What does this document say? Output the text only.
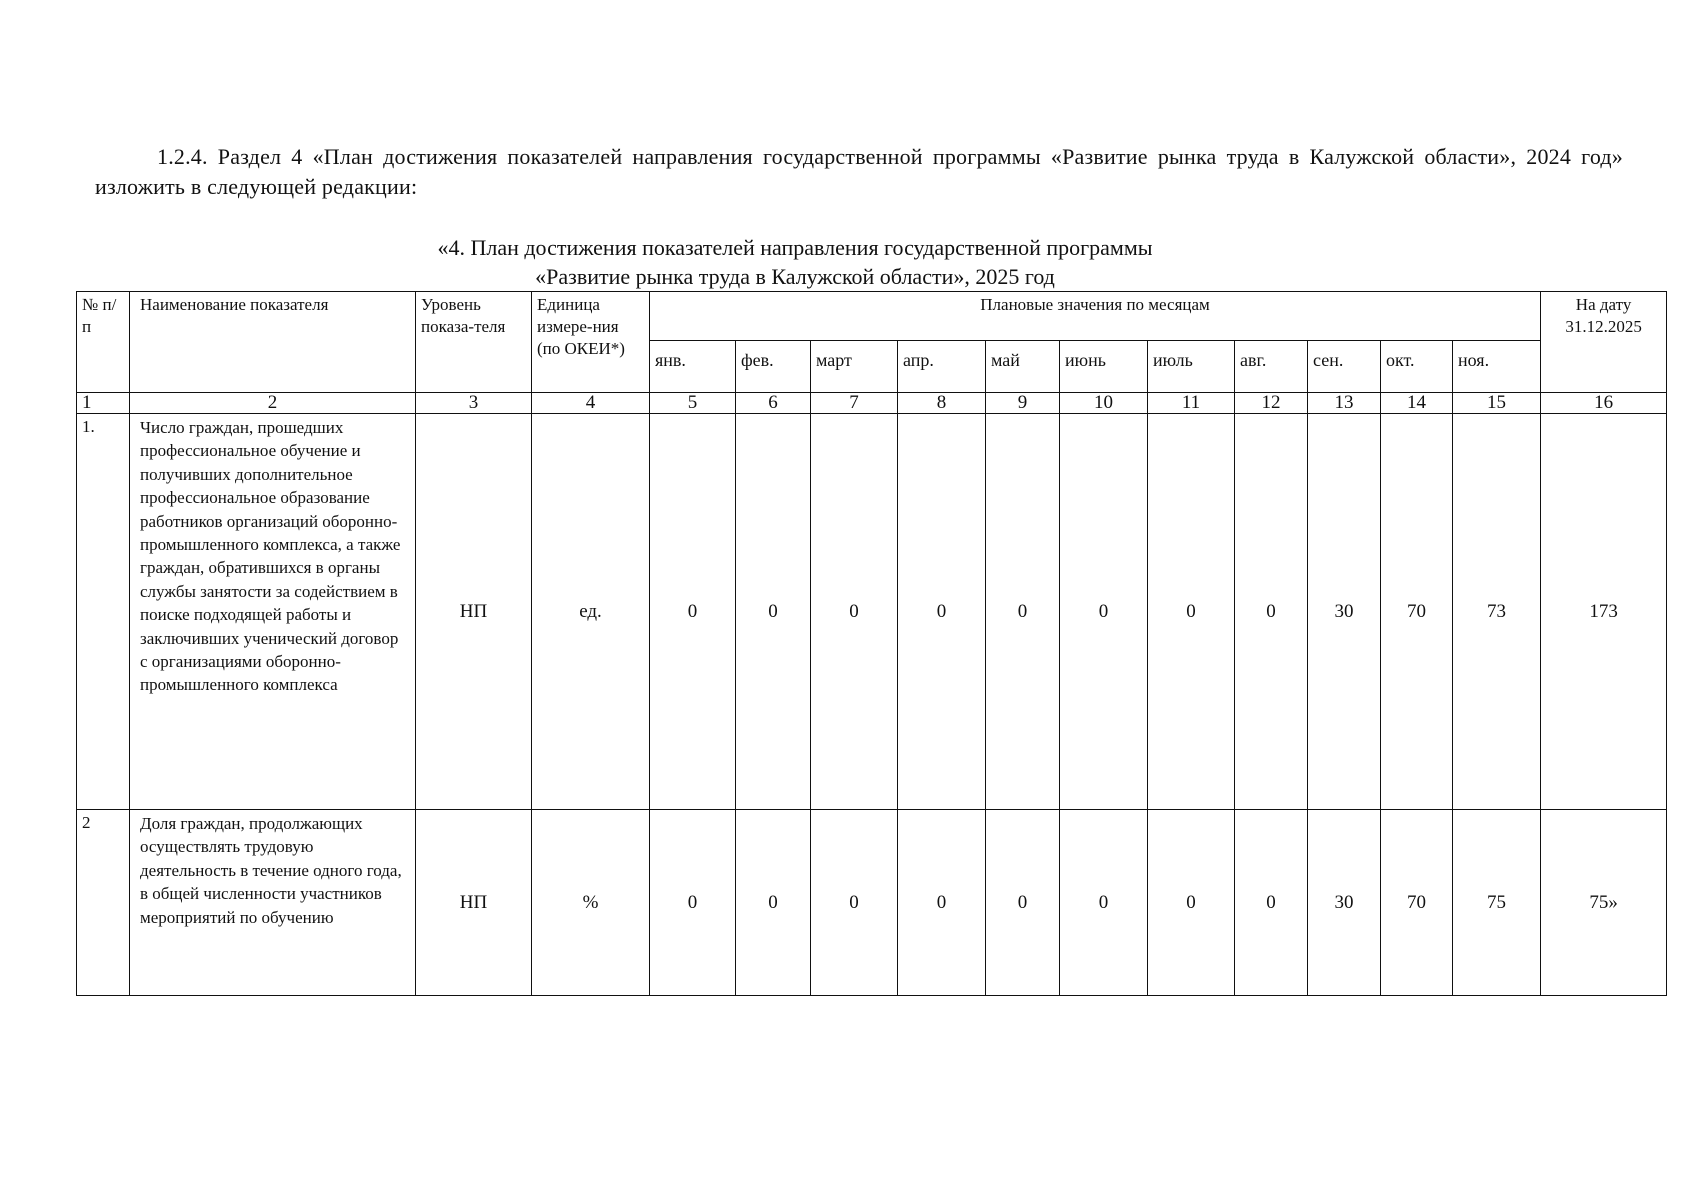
1.2.4. Раздел 4 «План достижения показателей направления государственной программы «Развитие рынка труда в Калужской области», 2024 год» изложить в следующей редакции:
«4. План достижения показателей направления государственной программы
«Развитие рынка труда в Калужской области», 2025 год
№ п/п	Наименование показателя	Уровень показа-теля	Единица измере-ния (по ОКЕИ*)	Плановые значения по месяцам											На дату 31.12.2025
				янв.	фев.	март	апр.	май	июнь	июль	авг.	сен.	окт.	ноя.	
1	2	3	4	5	6	7	8	9	10	11	12	13	14	15	16
1.	Число граждан, прошедших профессиональное обучение и получивших дополнительное профессиональное образование работников организаций оборонно-промышленного комплекса, а также граждан, обратившихся в органы службы занятости за содействием в поиске подходящей работы и заключивших ученический договор с организациями оборонно-промышленного комплекса	НП	ед.	0	0	0	0	0	0	0	0	30	70	73	173
2	Доля граждан, продолжающих осуществлять трудовую деятельность в течение одного года, в общей численности участников мероприятий по обучению	НП	%	0	0	0	0	0	0	0	0	30	70	75	75»
